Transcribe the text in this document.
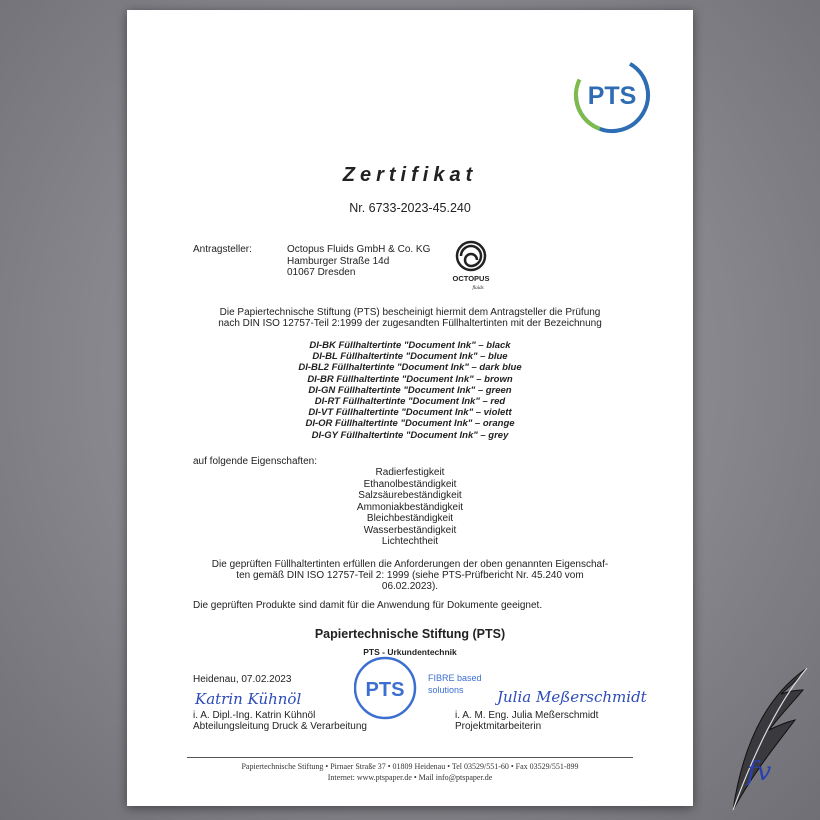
PTS
Zertifikat
Nr. 6733-2023-45.240
Antragsteller:	Octopus Fluids GmbH & Co. KG
Hamburger Straße 14d
01067 Dresden
OCTOPUS
fluids
Die Papiertechnische Stiftung (PTS) bescheinigt hiermit dem Antragsteller die Prüfung
nach DIN ISO 12757-Teil 2:1999 der zugesandten Füllhaltertinten mit der Bezeichnung
DI-BK Füllhaltertinte "Document Ink" – black
DI-BL Füllhaltertinte "Document Ink" – blue
DI-BL2 Füllhaltertinte "Document Ink" – dark blue
DI-BR Füllhaltertinte "Document Ink" – brown
DI-GN Füllhaltertinte "Document Ink" – green
DI-RT Füllhaltertinte "Document Ink" – red
DI-VT Füllhaltertinte "Document Ink" – violett
DI-OR Füllhaltertinte "Document Ink" – orange
DI-GY Füllhaltertinte "Document Ink" – grey
auf folgende Eigenschaften:
Radierfestigkeit
Ethanolbeständigkeit
Salzsäurebeständigkeit
Ammoniakbeständigkeit
Bleichbeständigkeit
Wasserbeständigkeit
Lichtechtheit
Die geprüften Füllhaltertinten erfüllen die Anforderungen der oben genannten Eigenschaf-
ten gemäß DIN ISO 12757-Teil 2: 1999 (siehe PTS-Prüfbericht Nr. 45.240 vom
06.02.2023).
Die geprüften Produkte sind damit für die Anwendung für Dokumente geeignet.
Papiertechnische Stiftung (PTS)
PTS - Urkundentechnik
Heidenau, 07.02.2023	PTS
FIBRE based
solutions
Katrin Kühnöl	Julia Meßerschmidt
i. A. Dipl.-Ing. Katrin Kühnöl
Abteilungsleitung Druck & Verarbeitung
i. A. M. Eng. Julia Meßerschmidt
Projektmitarbeiterin
Papiertechnische Stiftung • Pirnaer Straße 37 • 01809 Heidenau • Tel 03529/551-60 • Fax 03529/551-899
Internet: www.ptspaper.de • Mail info@ptspaper.de	fv
